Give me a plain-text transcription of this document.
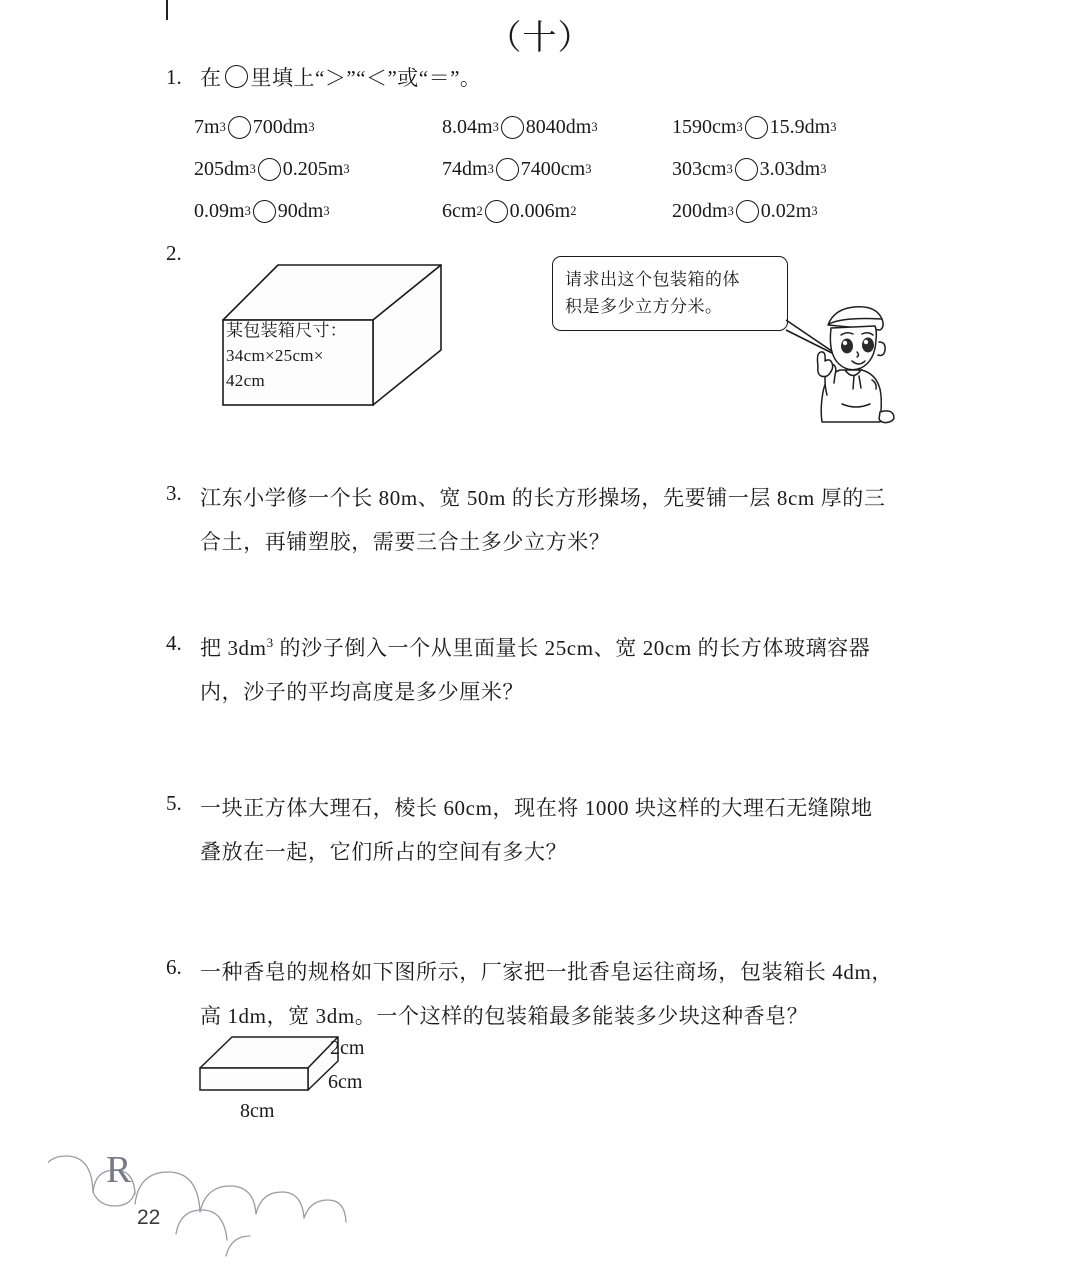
（十）
1. 在 里填上“＞”“＜”或“＝”。
7m 3 700dm 3	8.04m 3 8040dm 3	1590cm 3 15.9dm 3
205dm 3 0.205m 3	74dm 3 7400cm 3	303cm 3 3.03dm 3
0.09m 3 90dm 3	6cm 2 0.006m 2	200dm 3 0.02m 3
2.
某包装箱尺寸：
34cm×25cm×
42cm
请求出这个包装箱的体
积是多少立方分米。
3. 江东小学修一个长 80m、宽 50m 的长方形操场，先要铺一层 8cm 厚的三
合土，再铺塑胶，需要三合土多少立方米？
4. 把 $3dm^3$ 的沙子倒入一个从里面量长 25cm、宽 20cm 的长方体玻璃容器
内，沙子的平均高度是多少厘米？
5. 一块正方体大理石，棱长 60cm，现在将 1000 块这样的大理石无缝隙地
叠放在一起，它们所占的空间有多大？
6. 一种香皂的规格如下图所示，厂家把一批香皂运往商场，包装箱长 4dm，
高 1dm，宽 3dm。一个这样的包装箱最多能装多少块这种香皂？
8cm
6cm
2cm
R
22
